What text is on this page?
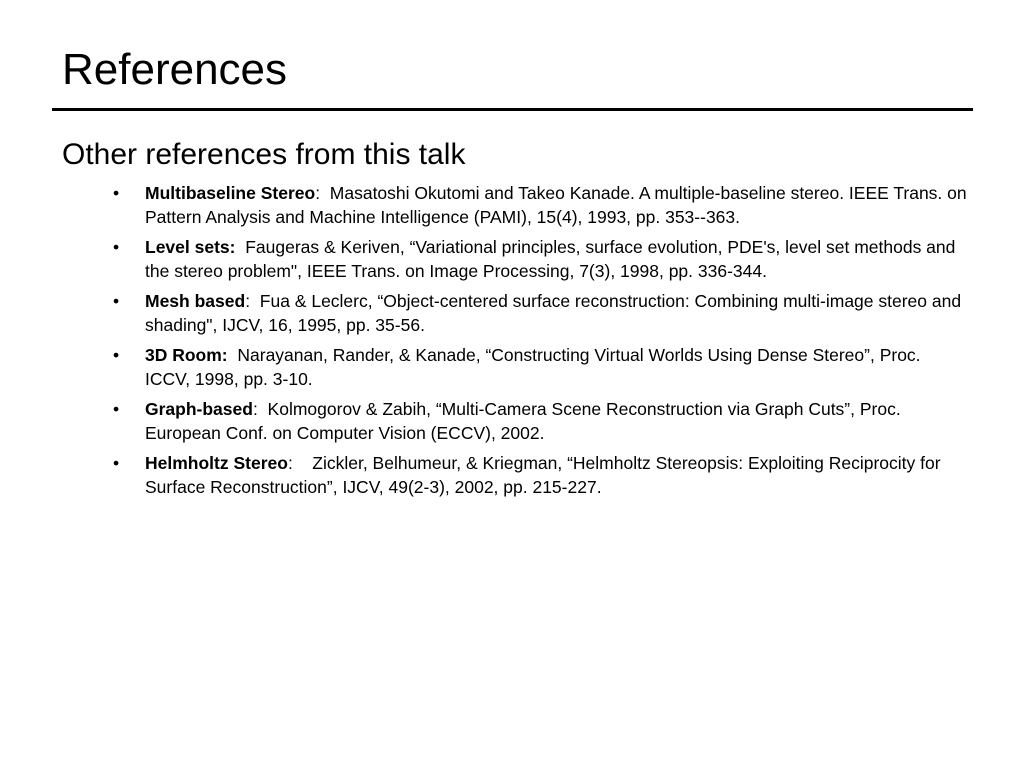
References
Other references from this talk
• Multibaseline Stereo:  Masatoshi Okutomi and Takeo Kanade. A multiple-baseline stereo. IEEE Trans. on Pattern Analysis and Machine Intelligence (PAMI), 15(4), 1993, pp. 353--363.
• Level sets: Faugeras & Keriven, “Variational principles, surface evolution, PDE's, level set methods and the stereo problem", IEEE Trans. on Image Processing, 7(3), 1998, pp. 336-344.
• Mesh based:  Fua & Leclerc, “Object-centered surface reconstruction: Combining multi-image stereo and shading", IJCV, 16, 1995, pp. 35-56.
• 3D Room: Narayanan, Rander, & Kanade, “Constructing Virtual Worlds Using Dense Stereo”, Proc. ICCV, 1998, pp. 3-10.
• Graph-based:  Kolmogorov & Zabih, “Multi-Camera Scene Reconstruction via Graph Cuts”, Proc. European Conf. on Computer Vision (ECCV), 2002.
• Helmholtz Stereo:    Zickler, Belhumeur, & Kriegman, “Helmholtz Stereopsis: Exploiting Reciprocity for Surface Reconstruction”, IJCV, 49(2-3), 2002, pp. 215-227.
